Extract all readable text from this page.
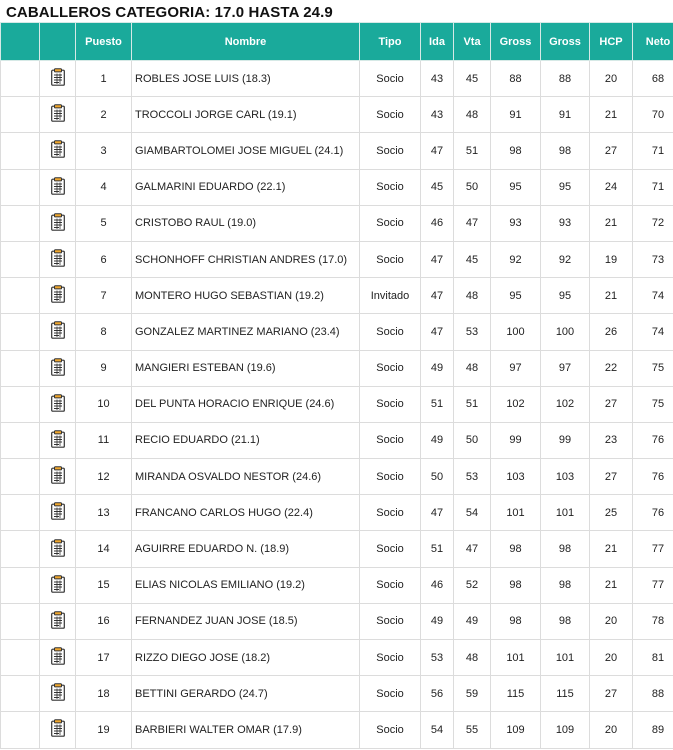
CABALLEROS CATEGORIA: 17.0 HASTA 24.9
		Puesto	Nombre	Tipo	Ida	Vta	Gross	Gross	HCP	Neto
		1	ROBLES JOSE LUIS (18.3)	Socio	43	45	88	88	20	68
		2	TROCCOLI JORGE CARL (19.1)	Socio	43	48	91	91	21	70
		3	GIAMBARTOLOMEI JOSE MIGUEL (24.1)	Socio	47	51	98	98	27	71
		4	GALMARINI EDUARDO (22.1)	Socio	45	50	95	95	24	71
		5	CRISTOBO RAUL (19.0)	Socio	46	47	93	93	21	72
		6	SCHONHOFF CHRISTIAN ANDRES (17.0)	Socio	47	45	92	92	19	73
		7	MONTERO HUGO SEBASTIAN (19.2)	Invitado	47	48	95	95	21	74
		8	GONZALEZ MARTINEZ MARIANO (23.4)	Socio	47	53	100	100	26	74
		9	MANGIERI ESTEBAN (19.6)	Socio	49	48	97	97	22	75
		10	DEL PUNTA HORACIO ENRIQUE (24.6)	Socio	51	51	102	102	27	75
		11	RECIO EDUARDO (21.1)	Socio	49	50	99	99	23	76
		12	MIRANDA OSVALDO NESTOR (24.6)	Socio	50	53	103	103	27	76
		13	FRANCANO CARLOS HUGO (22.4)	Socio	47	54	101	101	25	76
		14	AGUIRRE EDUARDO N. (18.9)	Socio	51	47	98	98	21	77
		15	ELIAS NICOLAS EMILIANO (19.2)	Socio	46	52	98	98	21	77
		16	FERNANDEZ JUAN JOSE (18.5)	Socio	49	49	98	98	20	78
		17	RIZZO DIEGO JOSE (18.2)	Socio	53	48	101	101	20	81
		18	BETTINI GERARDO (24.7)	Socio	56	59	115	115	27	88
		19	BARBIERI WALTER OMAR (17.9)	Socio	54	55	109	109	20	89
